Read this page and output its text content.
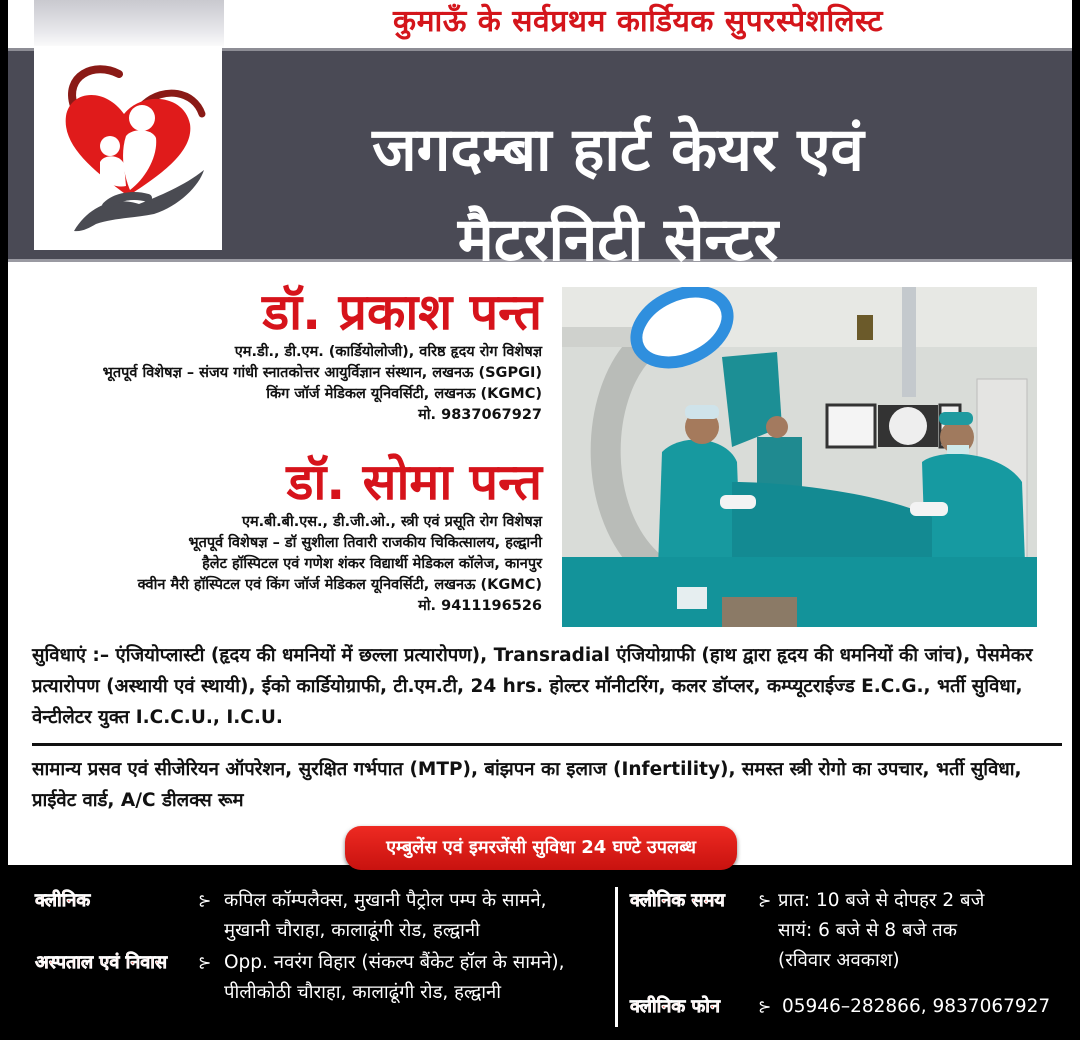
कुमाऊँ के सर्वप्रथम कार्डियक सुपरस्पेशलिस्ट
जगदम्बा हार्ट केयर एवं
मैटरनिटी सेन्टर
डॉ. प्रकाश पन्त
एम.डी., डी.एम. (कार्डियोलोजी), वरिष्ठ हृदय रोग विशेषज्ञ
भूतपूर्व विशेषज्ञ – संजय गांधी स्नातकोत्तर आयुर्विज्ञान संस्थान, लखनऊ (SGPGI)
किंग जॉर्ज मेडिकल यूनिवर्सिटी, लखनऊ (KGMC)
मो. 9837067927
डॉ. सोमा पन्त
एम.बी.बी.एस., डी.जी.ओ., स्त्री एवं प्रसूति रोग विशेषज्ञ
भूतपूर्व विशेषज्ञ – डॉ सुशीला तिवारी राजकीय चिकित्सालय, हल्द्वानी
हैलेट हॉस्पिटल एवं गणेश शंकर विद्यार्थी मेडिकल कॉलेज, कानपुर
क्वीन मैरी हॉस्पिटल एवं किंग जॉर्ज मेडिकल यूनिवर्सिटी, लखनऊ (KGMC)
मो. 9411196526
सुविधाएं :– एंजियोप्लास्टी (हृदय की धमनियों में छल्ला प्रत्यारोपण), Transradial एंजियोग्राफी (हाथ द्वारा हृदय की धमनियों की जांच), पेसमेकर प्रत्यारोपण (अस्थायी एवं स्थायी), ईको कार्डियोग्राफी, टी.एम.टी, 24 hrs. होल्टर मॉनीटरिंग, कलर डॉप्लर, कम्प्यूटराईज्ड E.C.G., भर्ती सुविधा, वेन्टीलेटर युक्त I.C.C.U., I.C.U.
सामान्य प्रसव एवं सीजेरियन ऑपरेशन, सुरक्षित गर्भपात (MTP), बांझपन का इलाज (Infertility), समस्त स्त्री रोगो का उपचार, भर्ती सुविधा, प्राईवेट वार्ड, A/C डीलक्स रूम
एम्बुलेंस एवं इमरजेंसी सुविधा 24 घण्टे उपलब्ध
क्लीनिक	⊱ कपिल कॉम्पलैक्स, मुखानी पैट्रोल पम्प के सामने,
मुखानी चौराहा, कालाढूंगी रोड, हल्द्वानी
अस्पताल एवं निवास ⊱ Opp. नवरंग विहार (संकल्प बैंकेट हॉल के सामने),
पीलीकोठी चौराहा, कालाढूंगी रोड, हल्द्वानी
क्लीनिक समय ⊱ प्रात: 10 बजे से दोपहर 2 बजे
सायं: 6 बजे से 8 बजे तक
(रविवार अवकाश)
क्लीनिक फोन ⊱ 05946–282866, 9837067927
